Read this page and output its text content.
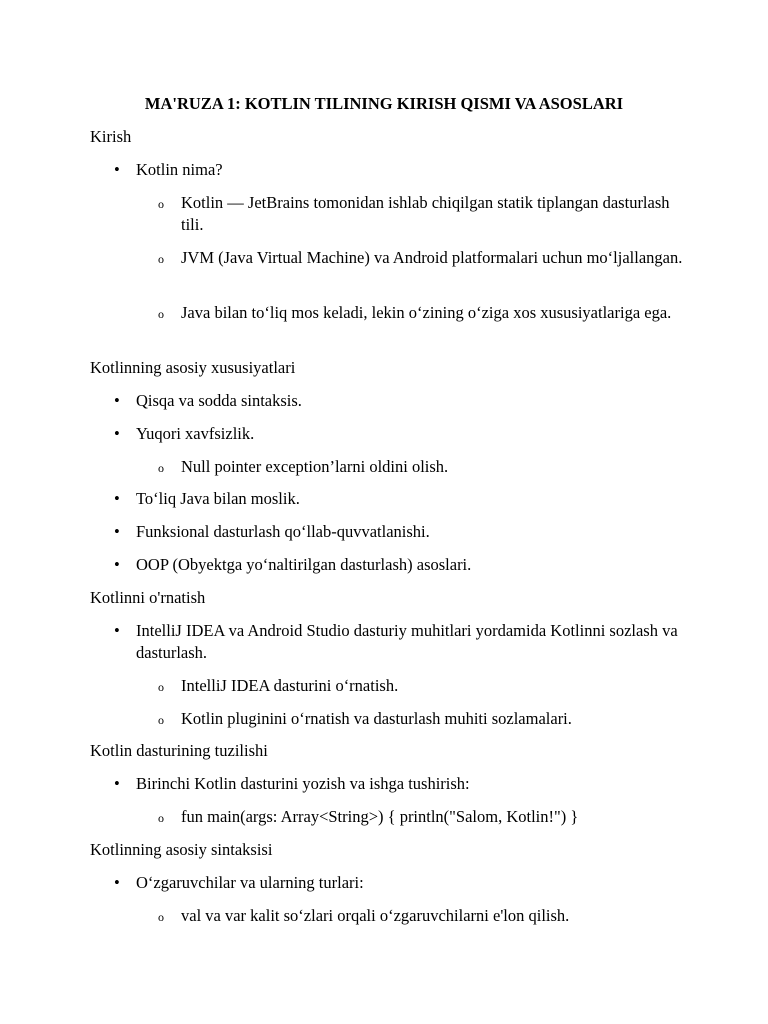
MA'RUZA 1: KOTLIN TILINING KIRISH QISMI VA ASOSLARI
Kirish
• Kotlin nima?
o Kotlin — JetBrains tomonidan ishlab chiqilgan statik tiplangan dasturlash tili.
o JVM (Java Virtual Machine) va Android platformalari uchun mo‘ljallangan.
o Java bilan to‘liq mos keladi, lekin o‘zining o‘ziga xos xususiyatlariga ega.
Kotlinning asosiy xususiyatlari
• Qisqa va sodda sintaksis.
• Yuqori xavfsizlik.
o Null pointer exception’larni oldini olish.
• To‘liq Java bilan moslik.
• Funksional dasturlash qo‘llab-quvvatlanishi.
• OOP (Obyektga yo‘naltirilgan dasturlash) asoslari.
Kotlinni o'rnatish
• IntelliJ IDEA va Android Studio dasturiy muhitlari yordamida Kotlinni sozlash va dasturlash.
o IntelliJ IDEA dasturini o‘rnatish.
o Kotlin pluginini o‘rnatish va dasturlash muhiti sozlamalari.
Kotlin dasturining tuzilishi
• Birinchi Kotlin dasturini yozish va ishga tushirish:
o fun main(args: Array<String>) { println("Salom, Kotlin!") }
Kotlinning asosiy sintaksisi
• O‘zgaruvchilar va ularning turlari:
o val va var kalit so‘zlari orqali o‘zgaruvchilarni e'lon qilish.
